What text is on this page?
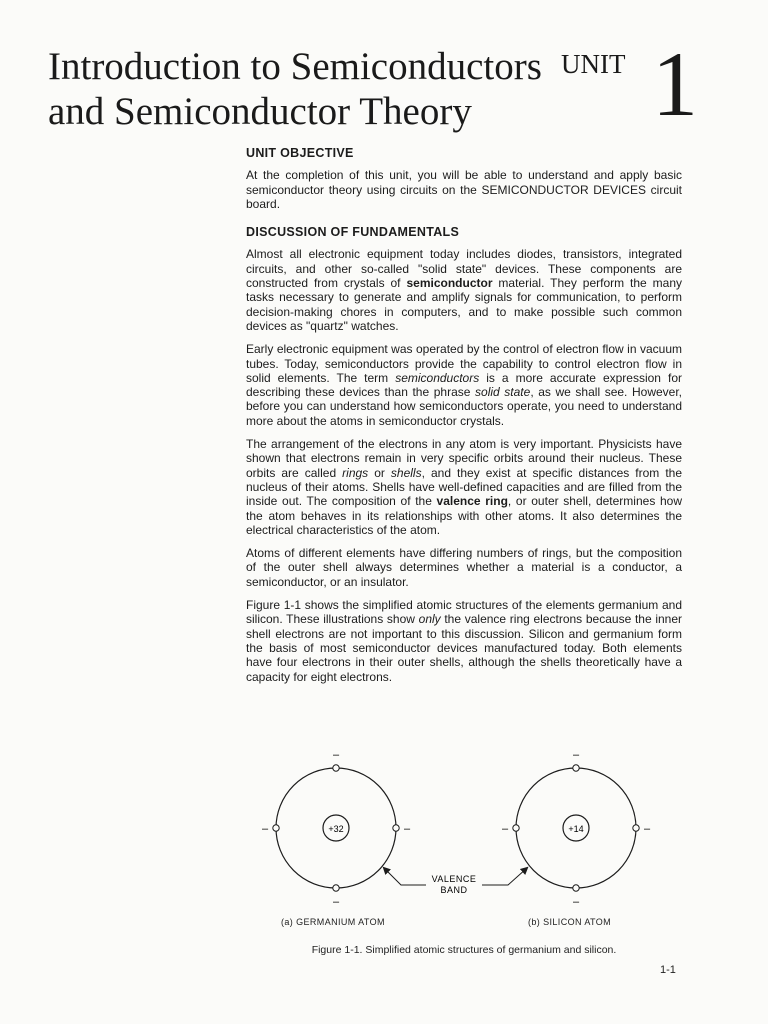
Introduction to Semiconductors
and Semiconductor Theory
UNIT 1
UNIT OBJECTIVE

At the completion of this unit, you will be able to understand and apply basic semiconductor theory using circuits on the SEMICONDUCTOR DEVICES circuit board.

DISCUSSION OF FUNDAMENTALS

Almost all electronic equipment today includes diodes, transistors, integrated circuits, and other so-called "solid state" devices. These components are constructed from crystals of semiconductor material. They perform the many tasks necessary to generate and amplify signals for communication, to perform decision-making chores in computers, and to make possible such common devices as "quartz" watches.

Early electronic equipment was operated by the control of electron flow in vacuum tubes. Today, semiconductors provide the capability to control electron flow in solid elements. The term semiconductors is a more accurate expression for describing these devices than the phrase solid state, as we shall see. However, before you can understand how semiconductors operate, you need to understand more about the atoms in semiconductor crystals.

The arrangement of the electrons in any atom is very important. Physicists have shown that electrons remain in very specific orbits around their nucleus. These orbits are called rings or shells, and they exist at specific distances from the nucleus of their atoms. Shells have well-defined capacities and are filled from the inside out. The composition of the valence ring, or outer shell, determines how the atom behaves in its relationships with other atoms. It also determines the electrical characteristics of the atom.

Atoms of different elements have differing numbers of rings, but the composition of the outer shell always determines whether a material is a conductor, a semiconductor, or an insulator.

Figure 1-1 shows the simplified atomic structures of the elements germanium and silicon. These illustrations show only the valence ring electrons because the inner shell electrons are not important to this discussion. Silicon and germanium form the basis of most semiconductor devices manufactured today. Both elements have four electrons in their outer shells, although the shells theoretically have a capacity for eight electrons.

+32
–
–
–	–	+14
–
–
–	–
VALENCE
BAND
(a) GERMANIUM ATOM	(b) SILICON ATOM
Figure 1-1. Simplified atomic structures of germanium and silicon.
1-1
